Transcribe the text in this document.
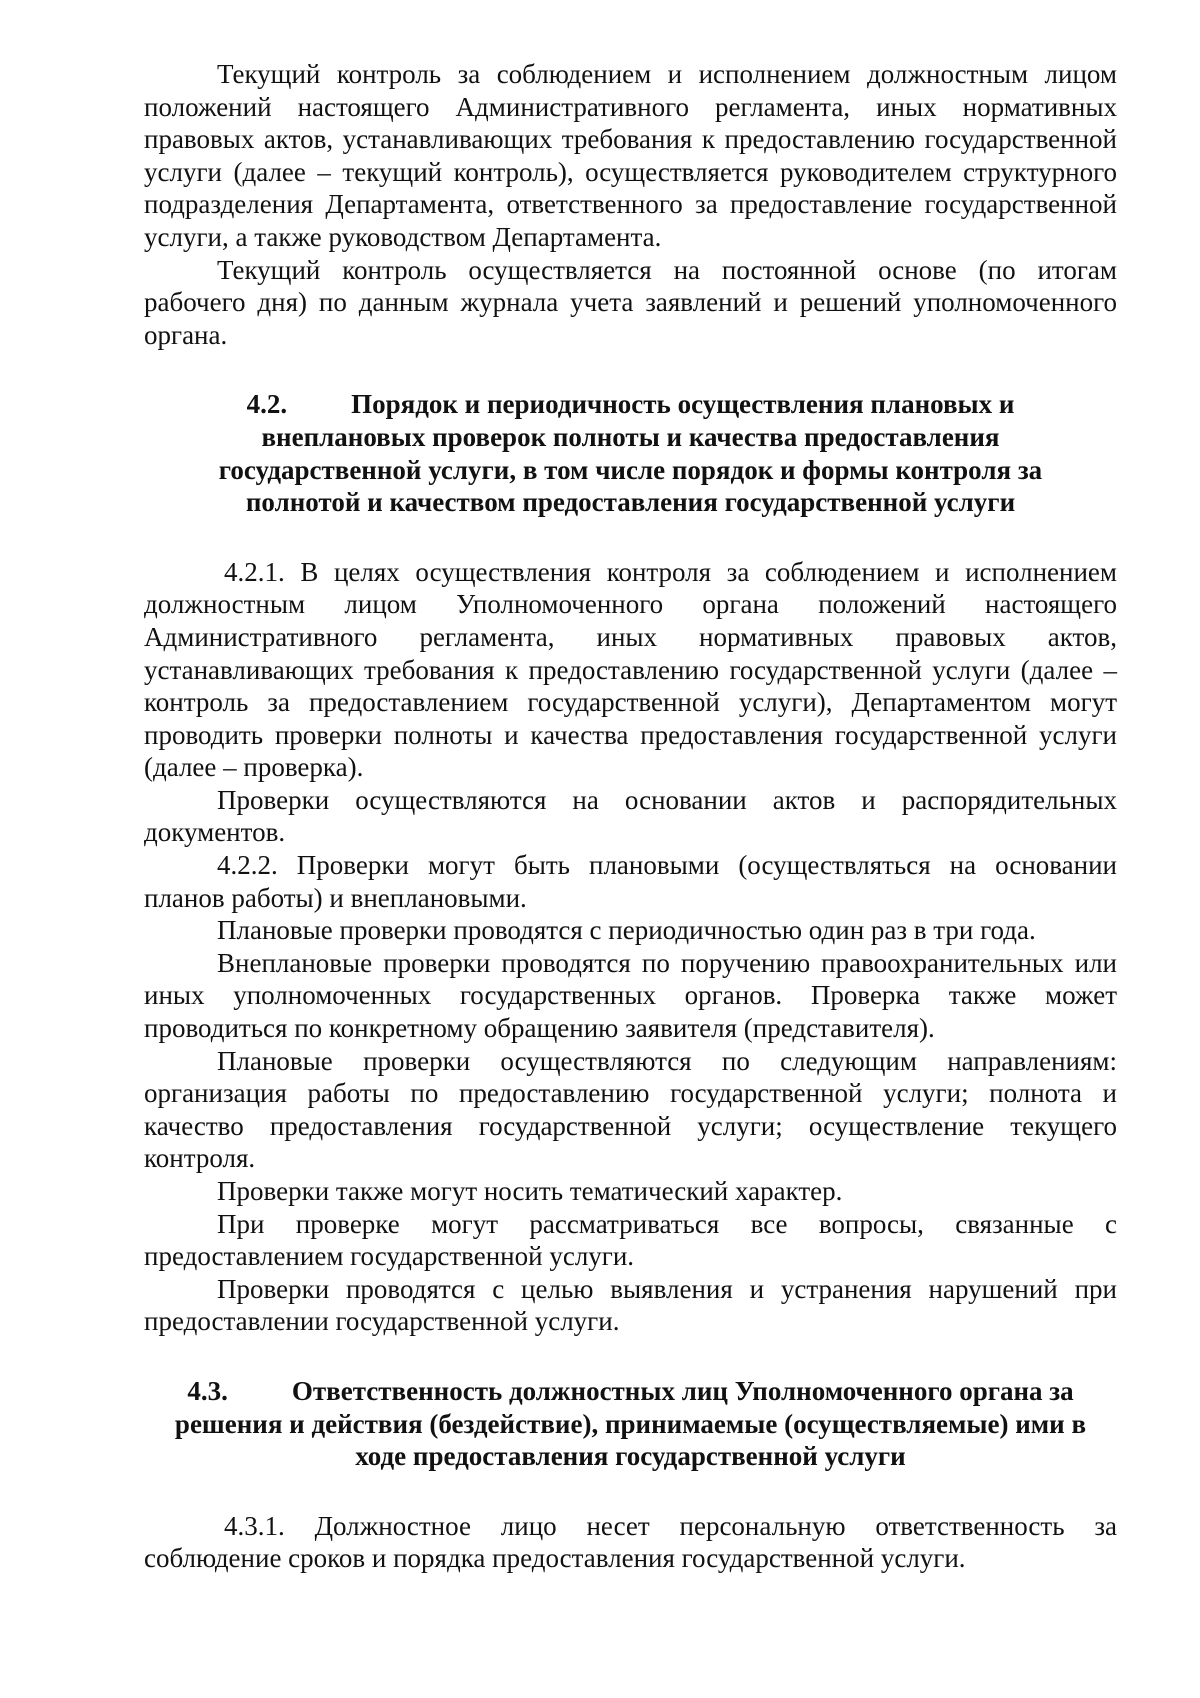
Текущий контроль за соблюдением и исполнением должностным лицом положений настоящего Административного регламента, иных нормативных правовых актов, устанавливающих требования к предоставлению государственной услуги (далее – текущий контроль), осуществляется руководителем структурного подразделения Департамента, ответственного за предоставление государственной услуги, а также руководством Департамента.

Текущий контроль осуществляется на постоянной основе (по итогам рабочего дня) по данным журнала учета заявлений и решений уполномоченного органа.

4.2. Порядок и периодичность осуществления плановых и внеплановых проверок полноты и качества предоставления государственной услуги, в том числе порядок и формы контроля за полнотой и качеством предоставления государственной услуги

4.2.1. В целях осуществления контроля за соблюдением и исполнением должностным лицом Уполномоченного органа положений настоящего Административного регламента, иных нормативных правовых актов, устанавливающих требования к предоставлению государственной услуги (далее – контроль за предоставлением государственной услуги), Департаментом могут проводить проверки полноты и качества предоставления государственной услуги (далее – проверка).

Проверки осуществляются на основании актов и распорядительных документов.

4.2.2. Проверки могут быть плановыми (осуществляться на основании планов работы) и внеплановыми.

Плановые проверки проводятся с периодичностью один раз в три года.

Внеплановые проверки проводятся по поручению правоохранительных или иных уполномоченных государственных органов. Проверка также может проводиться по конкретному обращению заявителя (представителя).

Плановые проверки осуществляются по следующим направлениям: организация работы по предоставлению государственной услуги; полнота и качество предоставления государственной услуги; осуществление текущего контроля.

Проверки также могут носить тематический характер.

При проверке могут рассматриваться все вопросы, связанные с предоставлением государственной услуги.

Проверки проводятся с целью выявления и устранения нарушений при предоставлении государственной услуги.

4.3. Ответственность должностных лиц Уполномоченного органа за решения и действия (бездействие), принимаемые (осуществляемые) ими в ходе предоставления государственной услуги

4.3.1. Должностное лицо несет персональную ответственность за соблюдение сроков и порядка предоставления государственной услуги.
